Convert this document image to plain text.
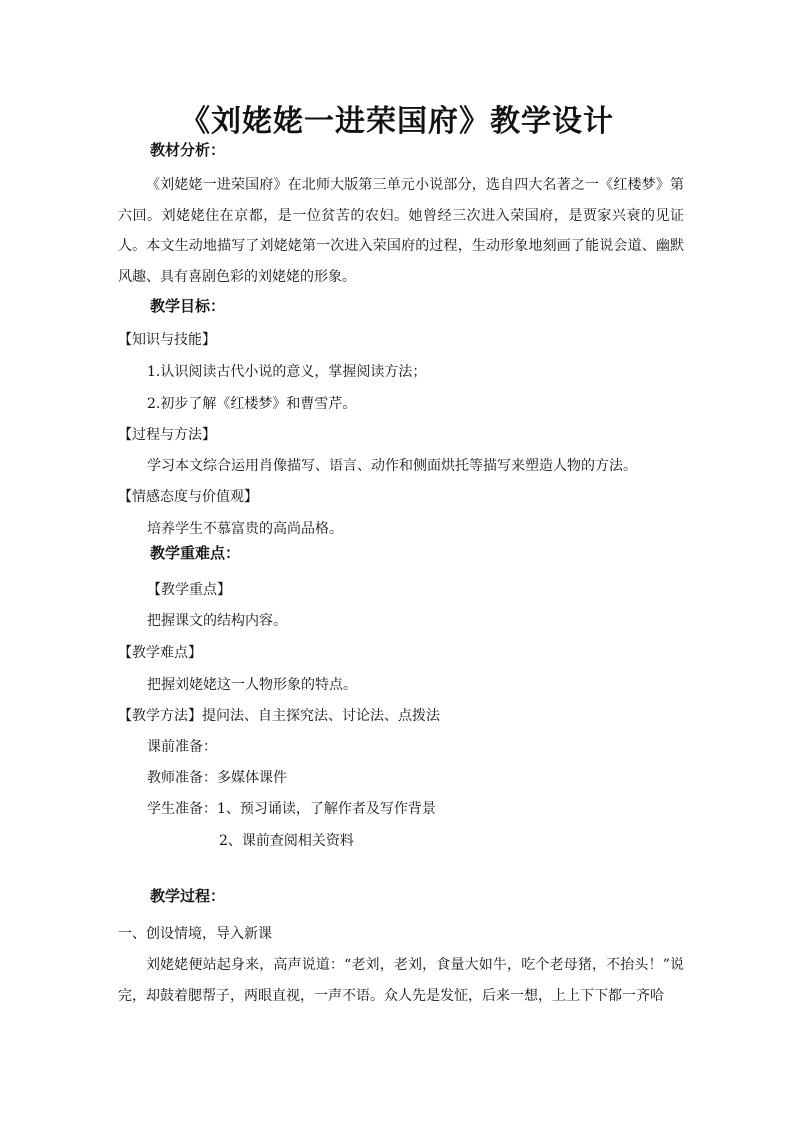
《刘姥姥一进荣国府》教学设计
教材分析：
《刘姥姥一进荣国府》在北师大版第三单元小说部分，选自四大名著之一《红楼梦》第六回。刘姥姥住在京都，是一位贫苦的农妇。她曾经三次进入荣国府，是贾家兴衰的见证人。本文生动地描写了刘姥姥第一次进入荣国府的过程，生动形象地刻画了能说会道、幽默风趣、具有喜剧色彩的刘姥姥的形象。
教学目标：
【知识与技能】
1.认识阅读古代小说的意义，掌握阅读方法；
2.初步了解《红楼梦》和曹雪芹。
【过程与方法】
学习本文综合运用肖像描写、语言、动作和侧面烘托等描写来塑造人物的方法。
【情感态度与价值观】
培养学生不慕富贵的高尚品格。
教学重难点：
【教学重点】
把握课文的结构内容。
【教学难点】
把握刘姥姥这一人物形象的特点。
【教学方法】提问法、自主探究法、讨论法、点拨法
课前准备：
教师准备：多媒体课件
学生准备：1、预习诵读，了解作者及写作背景
2、课前查阅相关资料
教学过程：
一、创设情境，导入新课
刘姥姥便站起身来，高声说道：“老刘，老刘，食量大如牛，吃个老母猪，不抬头！”说完，却鼓着腮帮子，两眼直视，一声不语。众人先是发怔，后来一想，上上下下都一齐哈
